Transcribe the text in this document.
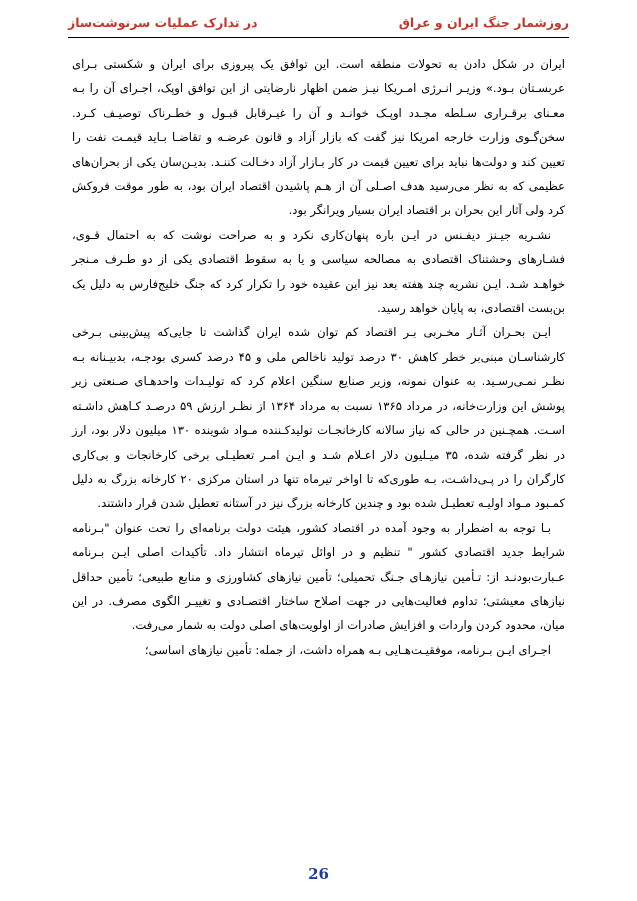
روزشمار جنگ ایران و عراق
در تدارک عملیات سرنوشت‌ساز

ایران در شکل دادن به تحولات منطقه است. این توافق یک پیروزی برای ایران و شکستی بـرای عربسـتان بـود.» وزیـر انـرژی امـریکا نیـز ضمن اظهار نارضایتی از این توافق اوپک، اجـرای آن را بـه معـنای برقـراری سـلطه مجـدد اوپـک خوانـد و آن را غیـرقابل قبـول و خطـرناک توصیـف کـرد. سخن‌گـوی وزارت خارجه امریکا نیز گفت که بازار آزاد و قانون عرضـه و تقاضـا بـاید قیمـت نفت را تعیین کند و دولت‌ها نباید برای تعیین قیمت در کار بـازار آزاد دخـالت کننـد. بدیـن‌سان یکی از بحران‌های عظیمی که به نظر می‌رسید هدف اصـلی آن از هـم پاشیدن اقتصاد ایران بود، به طور موقت فروکش کرد ولی آثار این بحران بر اقتصاد ایران بسیار ویرانگر بود.

نشـریه جیـنز دیفـنس در ایـن باره پنهان‌کاری نکرد و به صراحت نوشت که به احتمال قـوی، فشـارهای وحشتناک اقتصادی به مصالحه سیاسی و یا به سقوط اقتصادی یکی از دو طـرف مـنجر خواهـد شـد. ایـن نشریه چند هفته بعد نیز این عقیده خود را تکرار کرد که جنگ خلیج‌فارس به دلیل یک بن‌بست اقتصادی، به پایان خواهد رسید.

ایـن بحـران آثـار مخـربی بـر اقتصاد کم توان شده ایران گذاشت تا جایی‌که پیش‌بینی بـرخی کارشناسـان مبنی‌بر خطر کاهش ۳۰ درصد تولید ناخالص ملی و ۴۵ درصد کسری بودجـه، بدبیـنانه بـه نظـر نمـی‌رسـید. به عنوان نمونه، وزیر صنایع سنگین اعلام کرد که تولیـدات واحدهـای صـنعتی زیر پوشش این وزارت‌خانه، در مرداد ۱۳۶۵ نسبت به مرداد ۱۳۶۴ از نظـر ارزش ۵۹ درصـد کـاهش داشـته اسـت. همچـنین در حالی که نیاز سالانه کارخانجـات تولیدکـننده مـواد شوینده ۱۳۰ میلیون دلار بود، ارز در نظر گرفته شده، ۳۵ میـلیون دلار اعـلام شـد و ایـن امـر تعطیـلی برخی کارخانجات و بی‌کاری کارگران را در پـی‌داشـت، بـه طوری‌که تا اواخر تیرماه تنها در استان مرکزی ۲۰ کارخانه بزرگ به دلیل کمـبود مـواد اولیـه تعطیـل شده بود و چندین کارخانه بزرگ نیز در آستانه تعطیل شدن قرار داشتند.

بـا توجه به اضطرار به وجود آمده در اقتصاد کشور، هیئت دولت برنامه‌ای را تحت عنوان "بـرنامه شرایط جدید اقتصادی کشور " تنظیم و در اوائل تیرماه انتشار داد. تأکیدات اصلی ایـن بـرنامه عـبارت‌بودنـد از: تـأمین نیازهـای جـنگ تحمیلی؛ تأمین نیازهای کشاورزی و منابع طبیعی؛ تأمین حداقل نیازهای معیشتی؛ تداوم فعالیت‌هایی در جهت اصلاح ساختار اقتصـادی و تغییـر الگوی مصرف. در این میان، محدود کردن واردات و افزایش صادرات از اولویت‌های اصلی دولت به شمار می‌رفت.

اجـرای ایـن بـرنامه، موفقیـت‌هـایی بـه همراه داشت، از جمله: تأمین نیازهای اساسی؛

26
